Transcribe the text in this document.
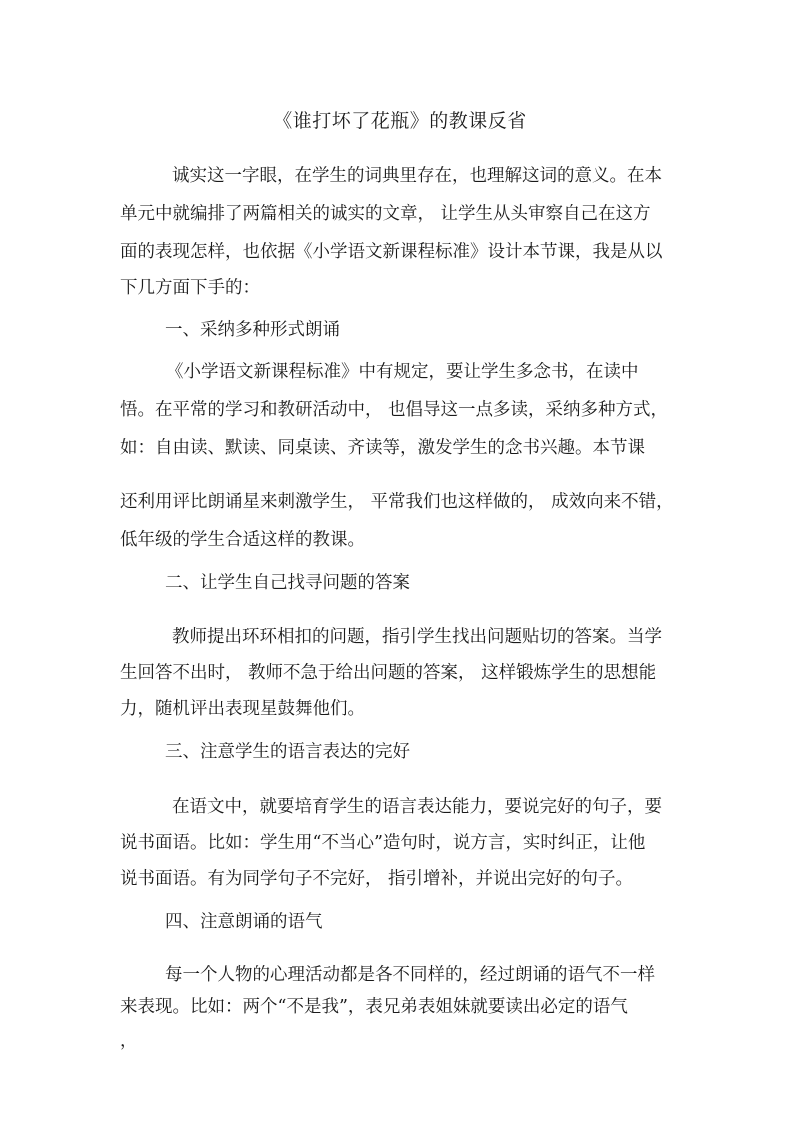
《谁打坏了花瓶》的教课反省
诚实这一字眼，在学生的词典里存在，也理解这词的意义。在本
单元中就编排了两篇相关的诚实的文章， 让学生从头审察自己在这方
面的表现怎样，也依据《小学语文新课程标准》设计本节课，我是从以
下几方面下手的：
一、采纳多种形式朗诵
《小学语文新课程标准》中有规定，要让学生多念书，在读中
悟。在平常的学习和教研活动中， 也倡导这一点多读，采纳多种方式，
如：自由读、默读、同桌读、齐读等，激发学生的念书兴趣。本节课
还利用评比朗诵星来刺激学生， 平常我们也这样做的， 成效向来不错，
低年级的学生合适这样的教课。
二、让学生自己找寻问题的答案
教师提出环环相扣的问题，指引学生找出问题贴切的答案。当学
生回答不出时， 教师不急于给出问题的答案， 这样锻炼学生的思想能
力，随机评出表现星鼓舞他们。
三、注意学生的语言表达的完好
在语文中，就要培育学生的语言表达能力，要说完好的句子，要
说书面语。比如：学生用“不当心”造句时，说方言，实时纠正，让他
说书面语。有为同学句子不完好， 指引增补，并说出完好的句子。
四、注意朗诵的语气
每一个人物的心理活动都是各不同样的，经过朗诵的语气不一样
来表现。比如：两个“不是我”，表兄弟表姐妹就要读出必定的语气
，
